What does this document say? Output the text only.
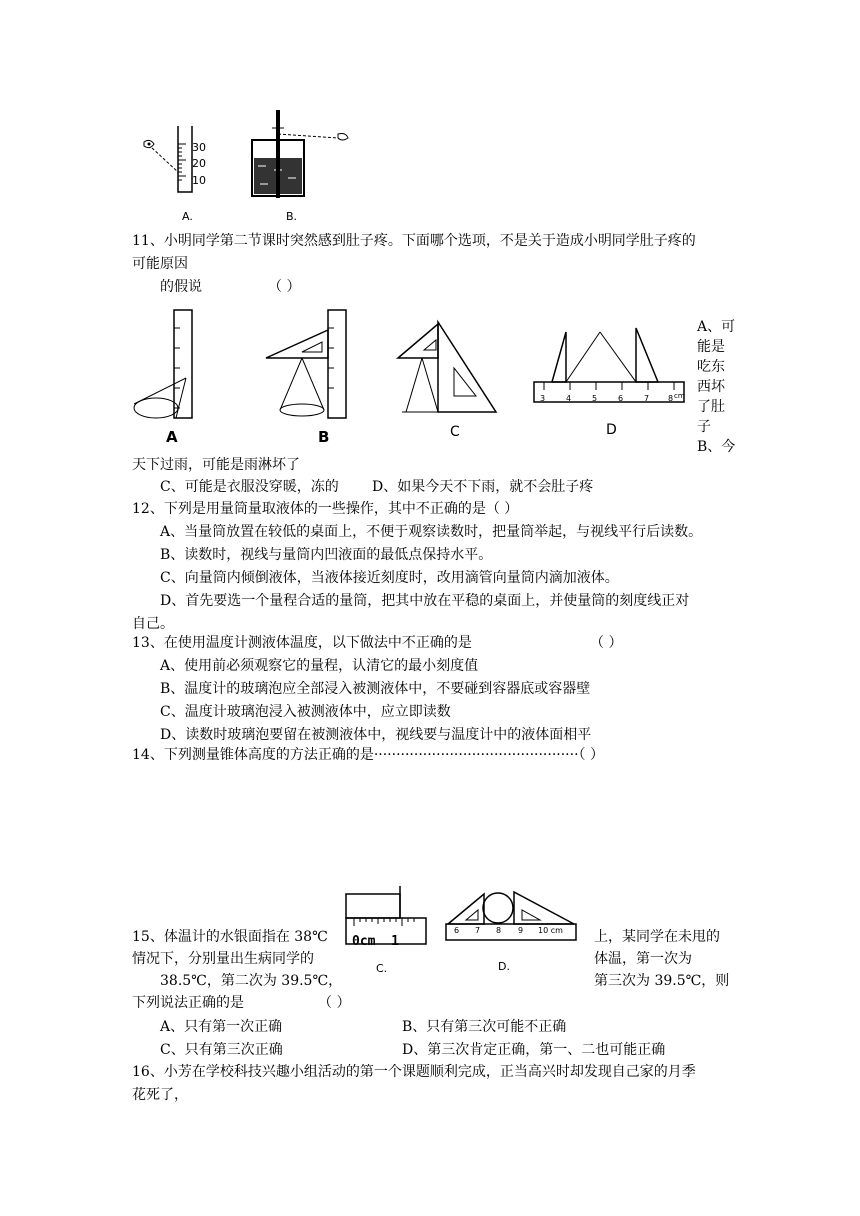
30
20
10
A.	B.
11、小明同学第二节课时突然感到肚子疼。下面哪个选项，不是关于造成小明同学肚子疼的
可能原因
的假说	（ ）
A、可
能是
吃东
西坏
了肚
子
B、今
A	B	C
3	4	5	6	7 8 cm
D
天下过雨，可能是雨淋坏了
C、可能是衣服没穿暖，冻的 D、如果今天不下雨，就不会肚子疼
12、下列是用量筒量取液体的一些操作，其中不正确的是（ ）
A、当量筒放置在较低的桌面上，不便于观察读数时，把量筒举起，与视线平行后读数。
B、读数时，视线与量筒内凹液面的最低点保持水平。
C、向量筒内倾倒液体，当液体接近刻度时，改用滴管向量筒内滴加液体。
D、首先要选一个量程合适的量筒，把其中放在平稳的桌面上，并使量筒的刻度线正对
自己。
13、在使用温度计测液体温度，以下做法中不正确的是	（ ）
A、使用前必须观察它的量程，认清它的最小刻度值
B、温度计的玻璃泡应全部浸入被测液体中，不要碰到容器底或容器壁
C、温度计玻璃泡浸入被测液体中，应立即读数
D、读数时玻璃泡要留在被测液体中，视线要与温度计中的液体面相平
14、下列测量锥体高度的方法正确的是··············································（ ）
0cm  1
C.
6 7 8 9 10 cm
D.
15、体温计的水银面指在 38℃	上，某同学在未甩的
情况下，分别量出生病同学的	体温，第一次为
38.5℃，第二次为 39.5℃，	第三次为 39.5℃，则
下列说法正确的是	（ ）
A、只有第一次正确	B、只有第三次可能不正确
C、只有第三次正确	D、第三次肯定正确，第一、二也可能正确
16、小芳在学校科技兴趣小组活动的第一个课题顺利完成，正当高兴时却发现自己家的月季
花死了，
